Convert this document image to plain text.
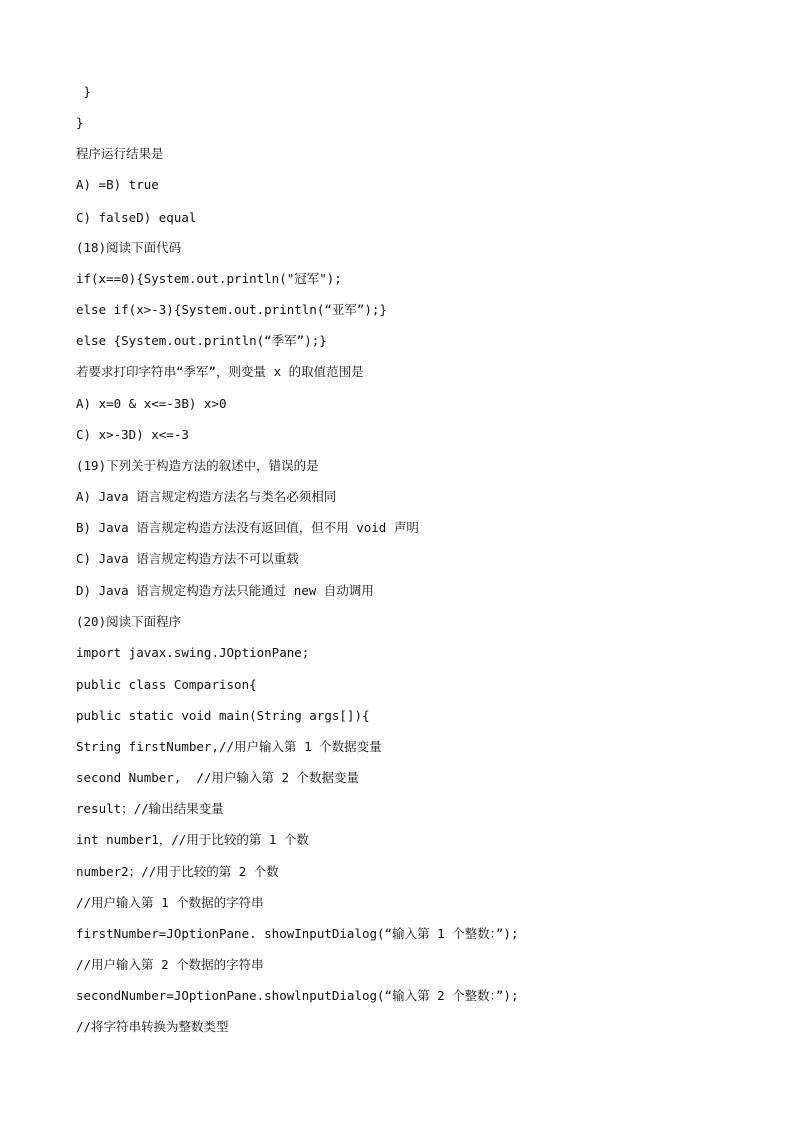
}
}
程序运行结果是
A) =B) true
C) falseD) equal
(18)阅读下面代码
if(x==0){System.out.println("冠军");
else if(x>-3){System.out.println(“亚军”);}
else {System.out.println(“季军”);}
若要求打印字符串“季军”，则变量 x 的取值范围是
A) x=0 & x<=-3B) x>0
C) x>-3D) x<=-3
(19)下列关于构造方法的叙述中，错误的是
A) Java 语言规定构造方法名与类名必须相同
B) Java 语言规定构造方法没有返回值，但不用 void 声明
C) Java 语言规定构造方法不可以重载
D) Java 语言规定构造方法只能通过 new 自动调用
(20)阅读下面程序
import javax.swing.JOptionPane;
public class Comparison{
public static void main(String args[]){
String firstNumber,//用户输入第 1 个数据变量
second Number,  //用户输入第 2 个数据变量
result；//输出结果变量
int number1，//用于比较的第 1 个数
number2；//用于比较的第 2 个数
//用户输入第 1 个数据的字符串
firstNumber=JOptionPane. showInputDialog(“输入第 1 个整数：”);
//用户输入第 2 个数据的字符串
secondNumber=JOptionPane.showlnputDialog(“输入第 2 个整数：”);
//将字符串转换为整数类型
